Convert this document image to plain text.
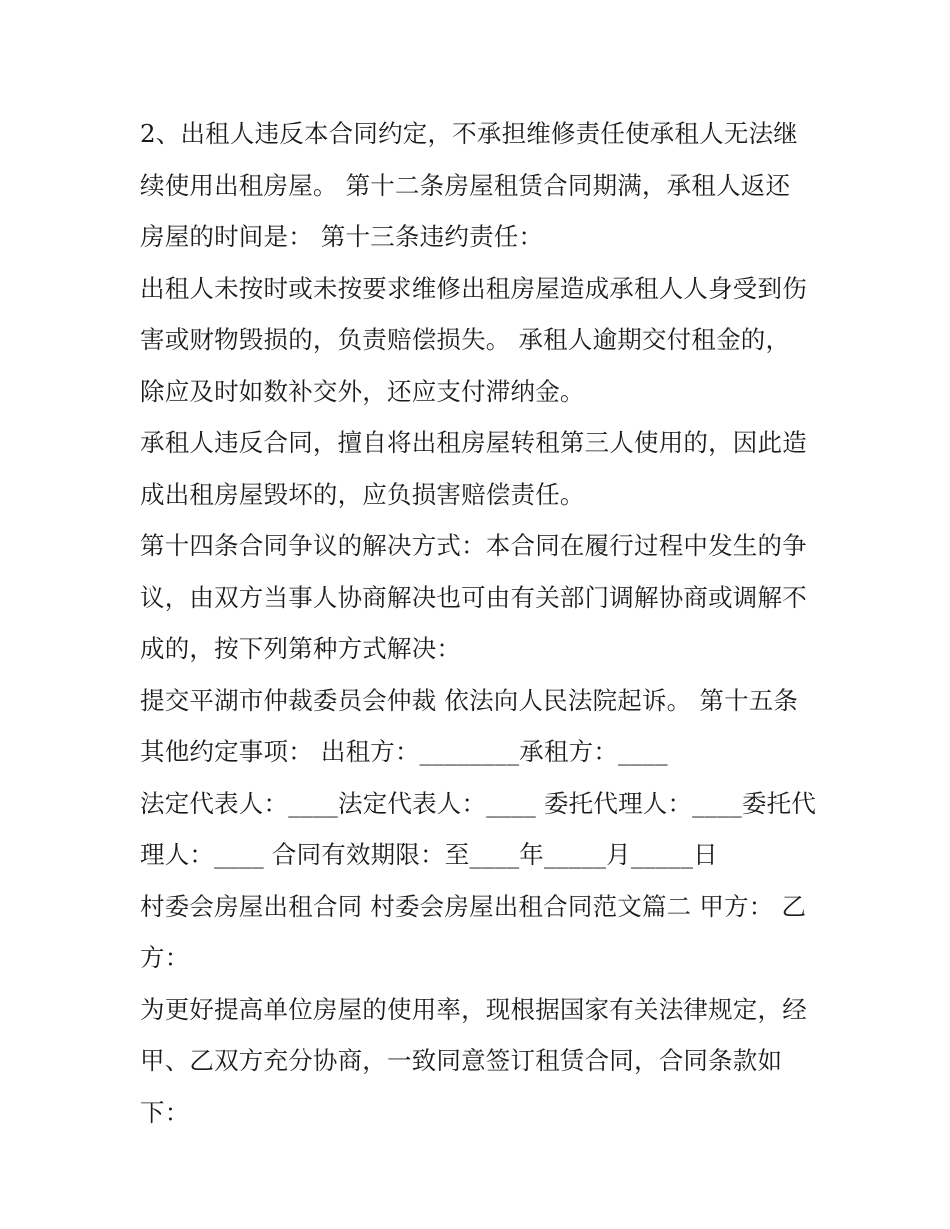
2、出租人违反本合同约定，不承担维修责任使承租人无法继
续使用出租房屋。 第十二条房屋租赁合同期满，承租人返还
房屋的时间是： 第十三条违约责任：
出租人未按时或未按要求维修出租房屋造成承租人人身受到伤
害或财物毁损的，负责赔偿损失。 承租人逾期交付租金的，
除应及时如数补交外，还应支付滞纳金。
承租人违反合同，擅自将出租房屋转租第三人使用的，因此造
成出租房屋毁坏的，应负损害赔偿责任。
第十四条合同争议的解决方式：本合同在履行过程中发生的争
议，由双方当事人协商解决也可由有关部门调解协商或调解不
成的，按下列第种方式解决：
提交平湖市仲裁委员会仲裁 依法向人民法院起诉。 第十五条
其他约定事项： 出租方：________承租方：____
法定代表人：____法定代表人：____ 委托代理人：____委托代
理人：____ 合同有效期限：至____年_____月_____日
村委会房屋出租合同 村委会房屋出租合同范文篇二 甲方： 乙
方：
为更好提高单位房屋的使用率，现根据国家有关法律规定，经
甲、乙双方充分协商，一致同意签订租赁合同，合同条款如
下：
